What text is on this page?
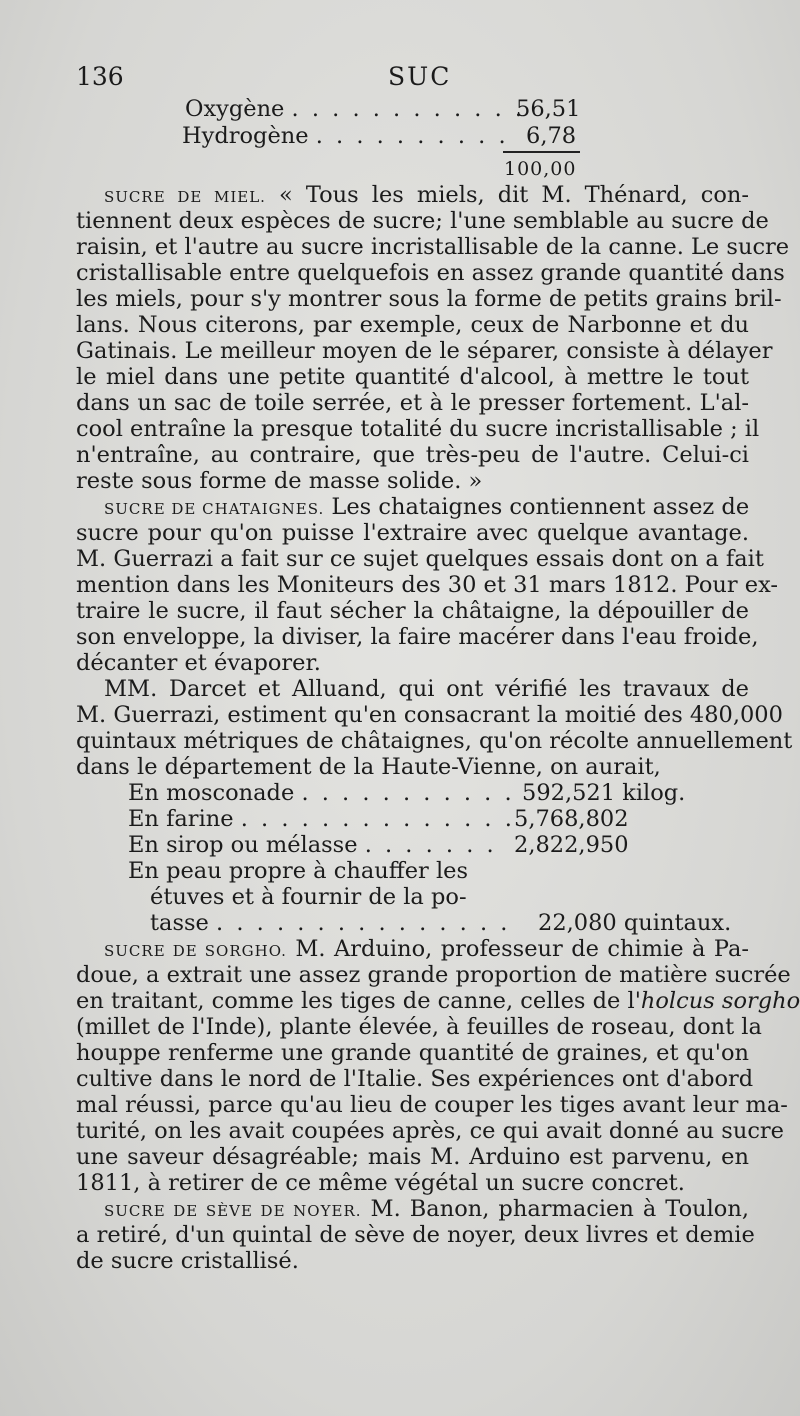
136	SUC
Oxygène . . . . . . . . . . . .
56,51
Hydrogène . . . . . . . . . . 6,78
100,00
SUCRE DE MIEL. « Tous les miels, dit M. Thénard, con-
tiennent deux espèces de sucre; l'une semblable au sucre de
raisin, et l'autre au sucre incristallisable de la canne. Le sucre
cristallisable entre quelquefois en assez grande quantité dans
les miels, pour s'y montrer sous la forme de petits grains bril-
lans. Nous citerons, par exemple, ceux de Narbonne et du
Gatinais. Le meilleur moyen de le séparer, consiste à délayer
le miel dans une petite quantité d'alcool, à mettre le tout
dans un sac de toile serrée, et à le presser fortement. L'al-
cool entraîne la presque totalité du sucre incristallisable ; il
n'entraîne, au contraire, que très-peu de l'autre. Celui-ci
reste sous forme de masse solide. »
SUCRE DE CHATAIGNES. Les chataignes contiennent assez de
sucre pour qu'on puisse l'extraire avec quelque avantage.
M. Guerrazi a fait sur ce sujet quelques essais dont on a fait
mention dans les Moniteurs des 30 et 31 mars 1812. Pour ex-
traire le sucre, il faut sécher la châtaigne, la dépouiller de
son enveloppe, la diviser, la faire macérer dans l'eau froide,
décanter et évaporer.
MM. Darcet et Alluand, qui ont vérifié les travaux de
M. Guerrazi, estiment qu'en consacrant la moitié des 480,000
quintaux métriques de châtaignes, qu'on récolte annuellement
dans le département de la Haute-Vienne, on aurait,
En mosconade . . . . . . . . . . . 592,521 kilog.
En farine . . . . . . . . . . . . . . 5,768,802
En sirop ou mélasse . . . . . . . 2,822,950
En peau propre à chauffer les
étuves et à fournir de la po-
tasse . . . . . . . . . . . . . . . 22,080 quintaux.
SUCRE DE SORGHO. M. Arduino, professeur de chimie à Pa-
doue, a extrait une assez grande proportion de matière sucrée
en traitant, comme les tiges de canne, celles de l'holcus sorgho
(millet de l'Inde), plante élevée, à feuilles de roseau, dont la
houppe renferme une grande quantité de graines, et qu'on
cultive dans le nord de l'Italie. Ses expériences ont d'abord
mal réussi, parce qu'au lieu de couper les tiges avant leur ma-
turité, on les avait coupées après, ce qui avait donné au sucre
une saveur désagréable; mais M. Arduino est parvenu, en
1811, à retirer de ce même végétal un sucre concret.
SUCRE DE SÈVE DE NOYER. M. Banon, pharmacien à Toulon,
a retiré, d'un quintal de sève de noyer, deux livres et demie
de sucre cristallisé.
